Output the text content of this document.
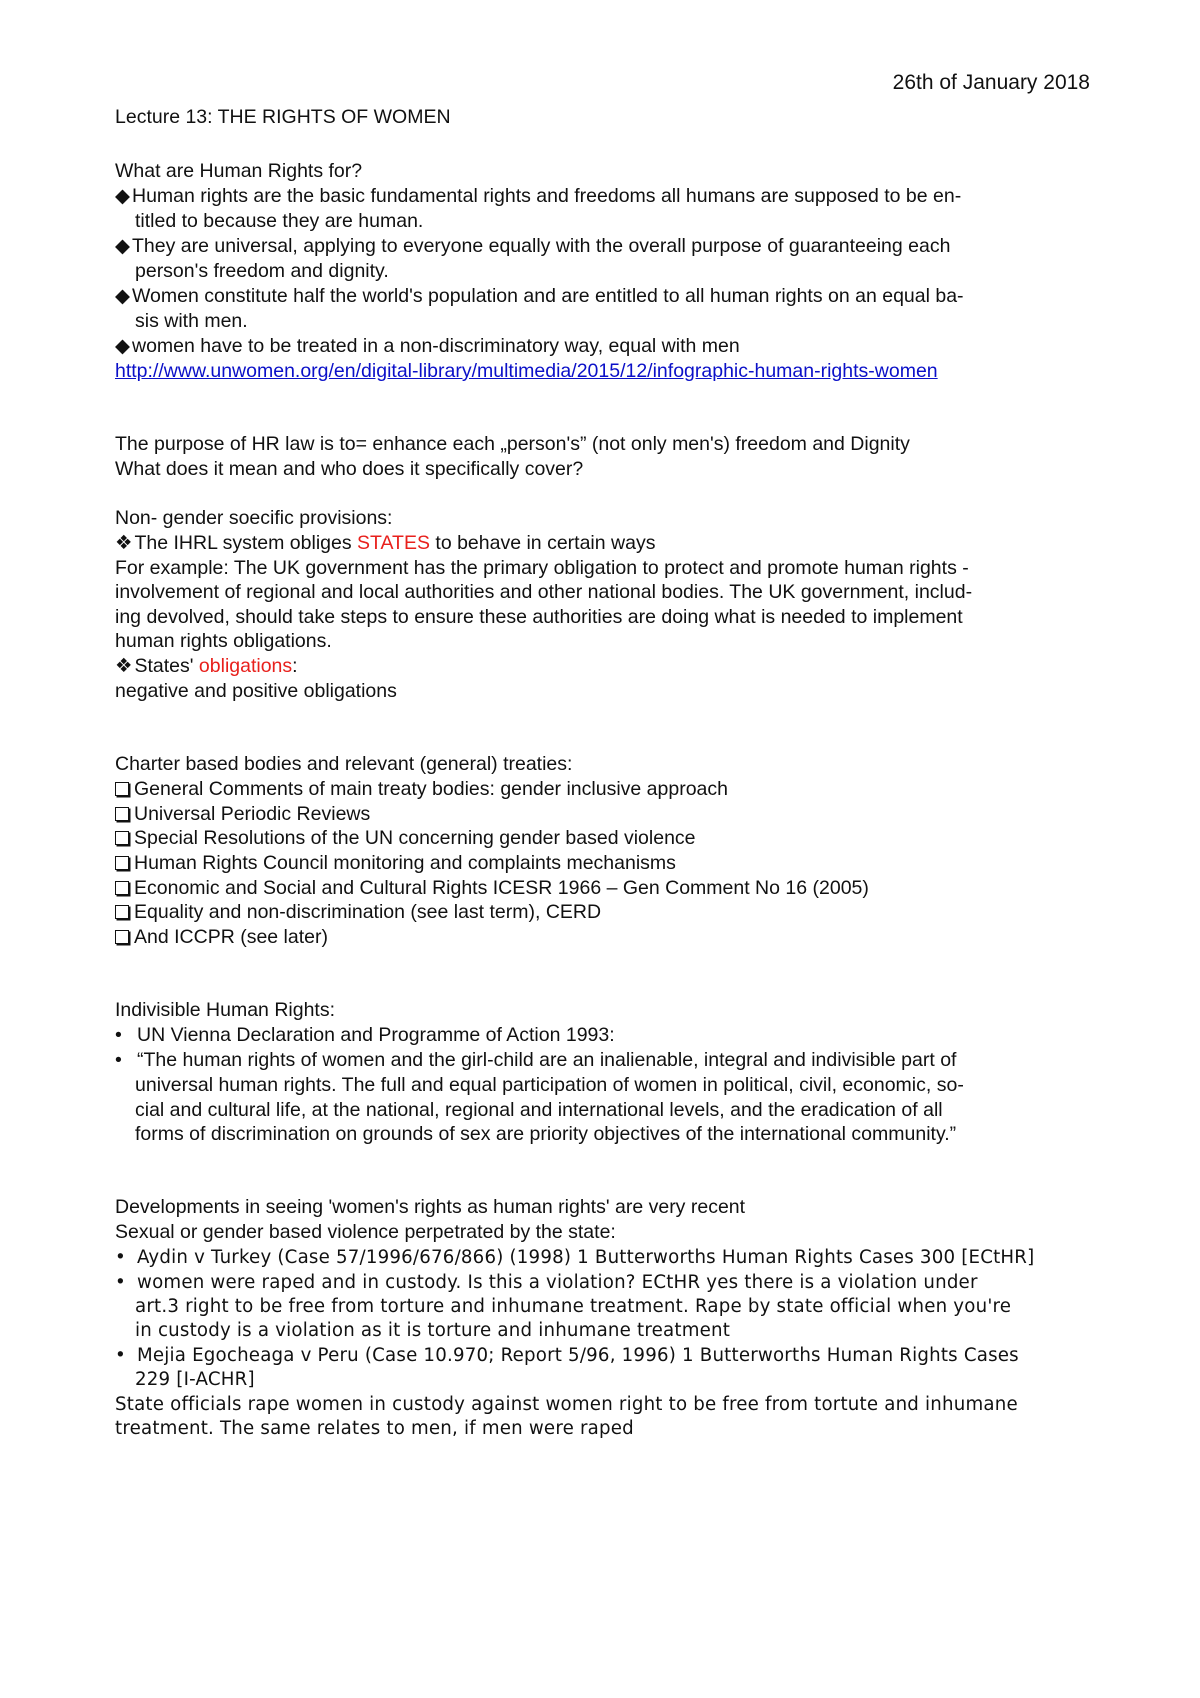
26th of January 2018
Lecture 13: THE RIGHTS OF WOMEN
What are Human Rights for?
◆ Human rights are the basic fundamental rights and freedoms all humans are supposed to be en-
titled to because they are human.
◆ They are universal, applying to everyone equally with the overall purpose of guaranteeing each
person's freedom and dignity.
◆ Women constitute half the world's population and are entitled to all human rights on an equal ba-
sis with men.
◆ women have to be treated in a non-discriminatory way, equal with men
http://www.unwomen.org/en/digital-library/multimedia/2015/12/infographic-human-rights-women
The purpose of HR law is to= enhance each „person's” (not only men's) freedom and Dignity
What does it mean and who does it specifically cover?
Non- gender soecific provisions:
❖ The IHRL system obliges STATES to behave in certain ways
For example: The UK government has the primary obligation to protect and promote human rights -
involvement of regional and local authorities and other national bodies. The UK government, includ-
ing devolved, should take steps to ensure these authorities are doing what is needed to implement
human rights obligations.
❖ States' obligations:
negative and positive obligations
Charter based bodies and relevant (general) treaties:
General Comments of main treaty bodies: gender inclusive approach
Universal Periodic Reviews
Special Resolutions of the UN concerning gender based violence
Human Rights Council monitoring and complaints mechanisms
Economic and Social and Cultural Rights ICESR 1966 – Gen Comment No 16 (2005)
Equality and non-discrimination (see last term), CERD
And ICCPR (see later)
Indivisible Human Rights:
• UN Vienna Declaration and Programme of Action 1993:
• “The human rights of women and the girl-child are an inalienable, integral and indivisible part of
universal human rights. The full and equal participation of women in political, civil, economic, so-
cial and cultural life, at the national, regional and international levels, and the eradication of all
forms of discrimination on grounds of sex are priority objectives of the international community.”
Developments in seeing 'women's rights as human rights' are very recent
Sexual or gender based violence perpetrated by the state:
• Aydin v Turkey (Case 57/1996/676/866) (1998) 1 Butterworths Human Rights Cases 300 [ECtHR]
• women were raped and in custody. Is this a violation? ECtHR yes there is a violation under
art.3 right to be free from torture and inhumane treatment. Rape by state official when you're
in custody is a violation as it is torture and inhumane treatment
• Mejia Egocheaga v Peru (Case 10.970; Report 5/96, 1996) 1 Butterworths Human Rights Cases
229 [I-ACHR]
State officials rape women in custody against women right to be free from tortute and inhumane
treatment. The same relates to men, if men were raped
